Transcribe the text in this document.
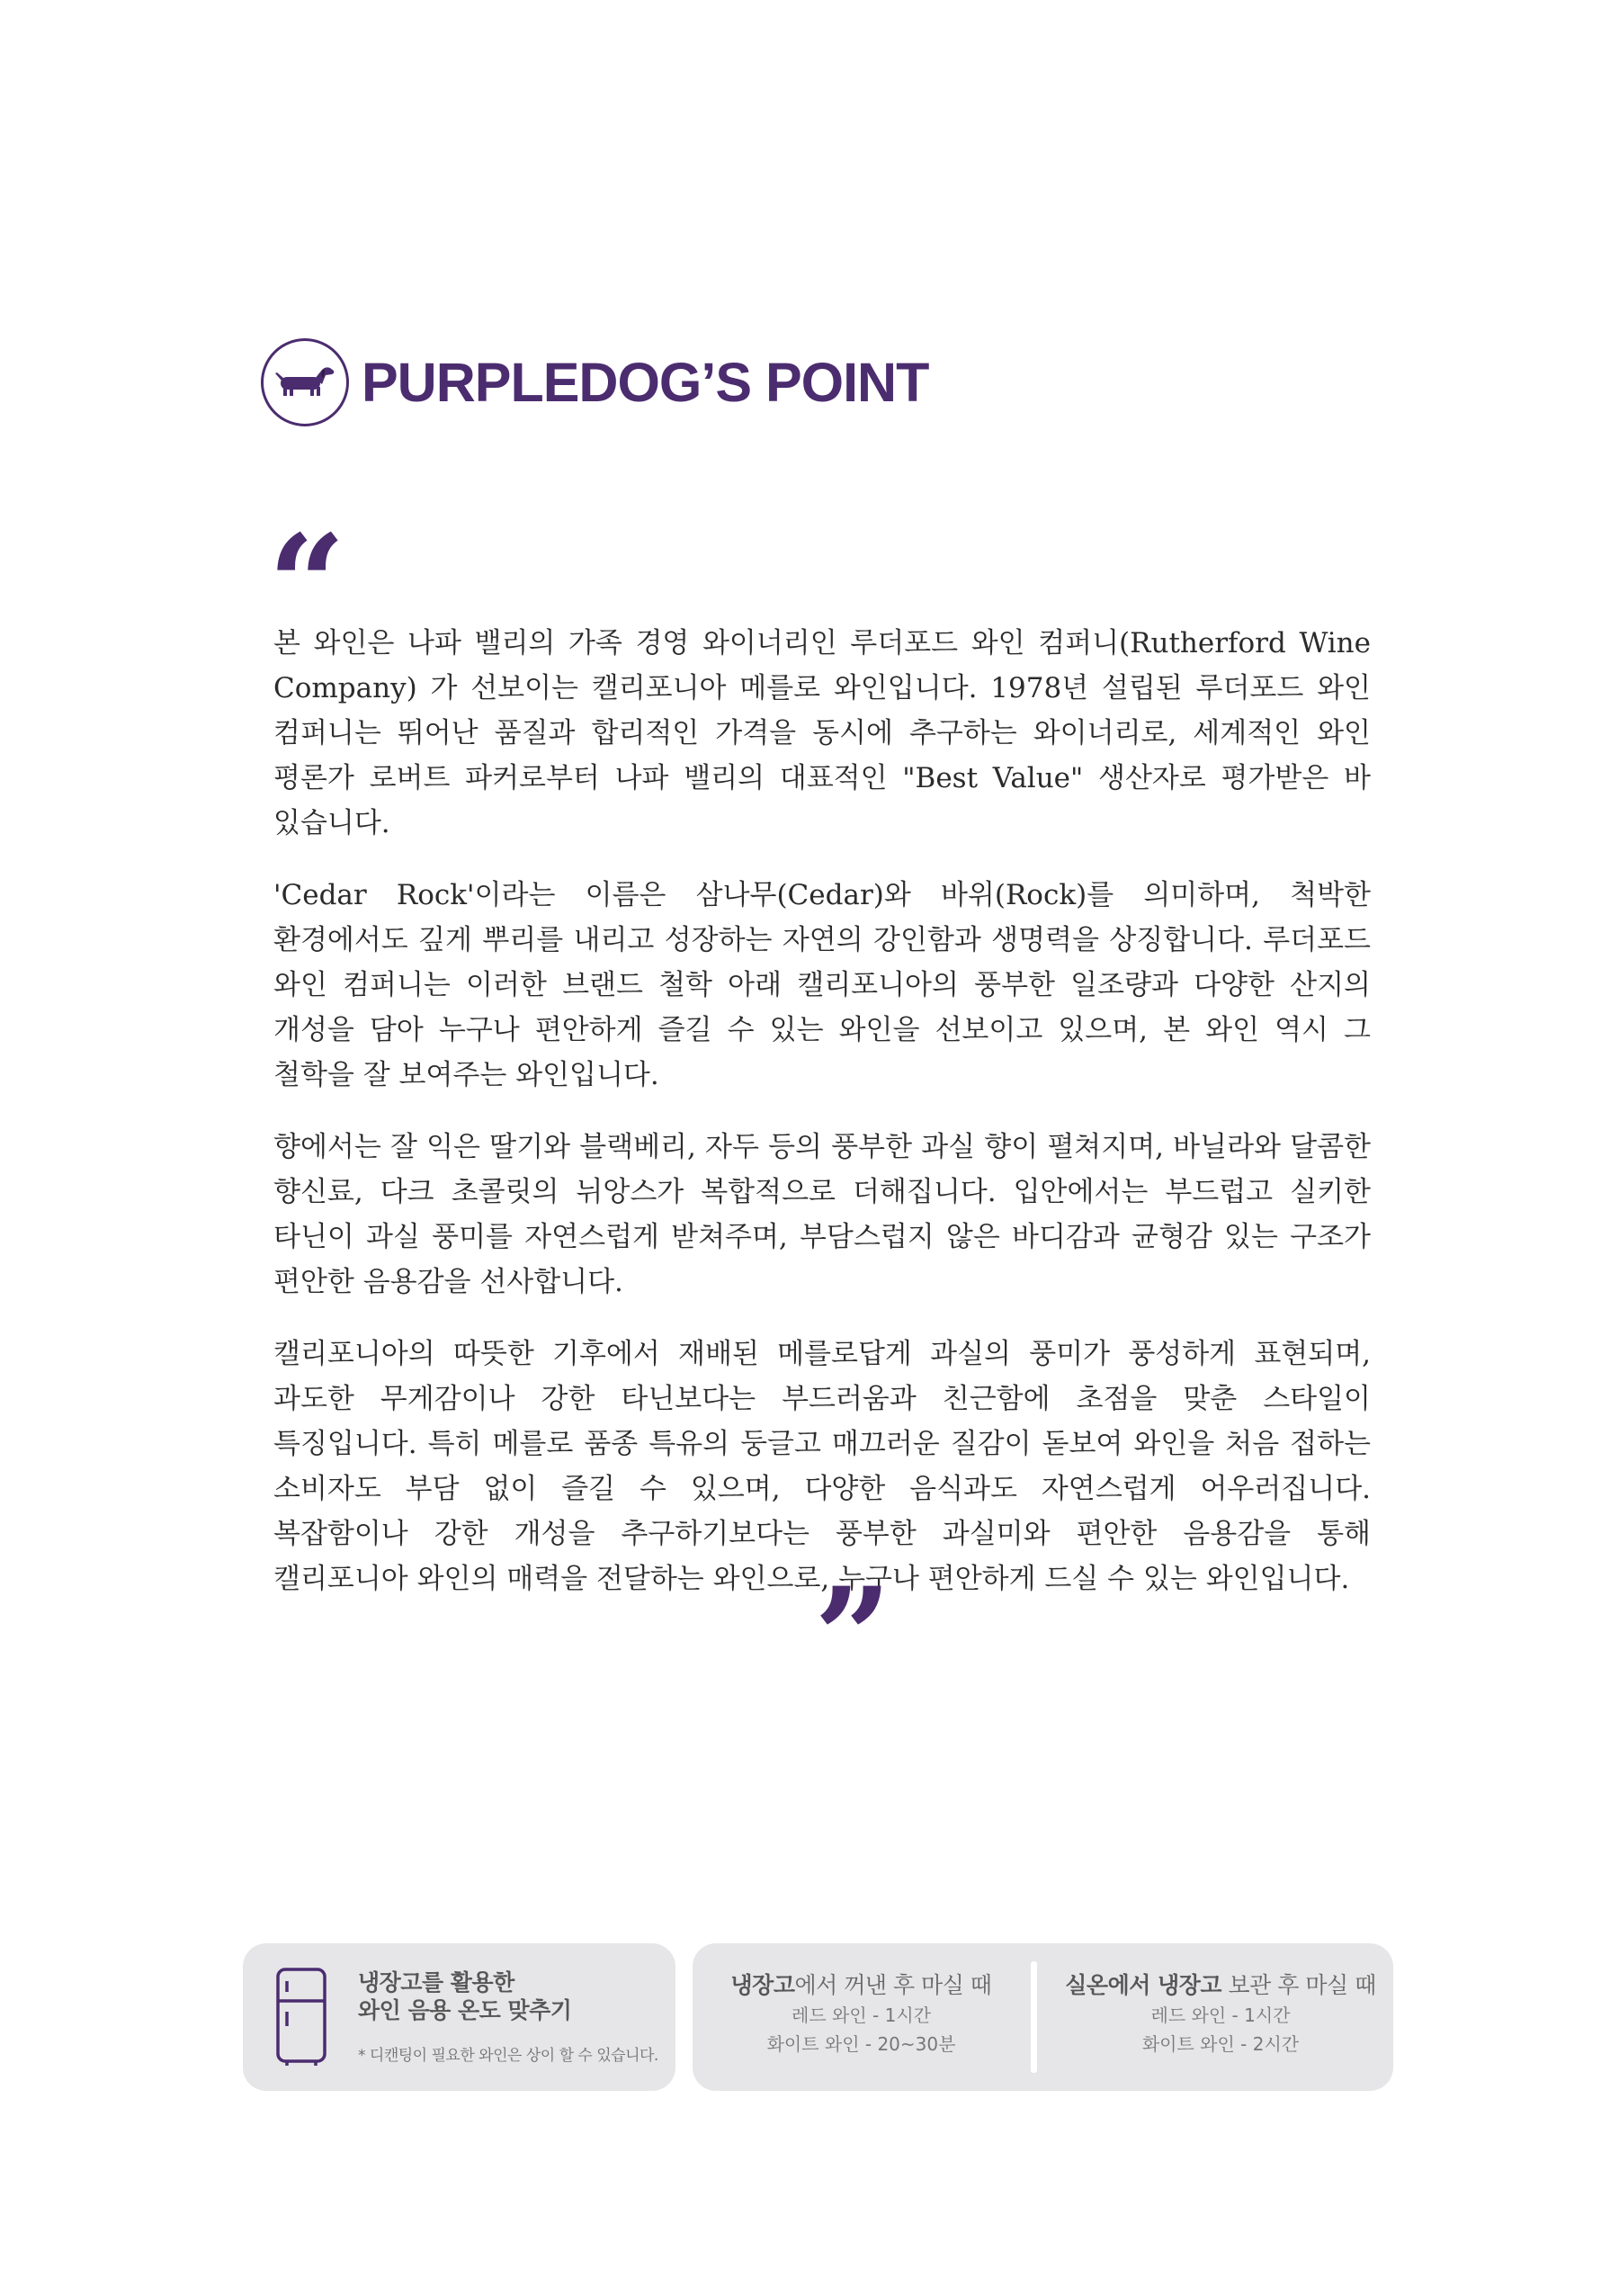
PURPLEDOG’S POINT
“

본 와인은 나파 밸리의 가족 경영 와이너리인 루더포드 와인 컴퍼니(Rutherford Wine Company) 가 선보이는 캘리포니아 메를로 와인입니다. 1978년 설립된 루더포드 와인 컴퍼니는 뛰어난 품질과 합리적인 가격을 동시에 추구하는 와이너리로, 세계적인 와인 평론가 로버트 파커로부터 나파 밸리의 대표적인 "Best Value" 생산자로 평가받은 바 있습니다.

'Cedar Rock'이라는 이름은 삼나무(Cedar)와 바위(Rock)를 의미하며, 척박한 환경에서도 깊게 뿌리를 내리고 성장하는 자연의 강인함과 생명력을 상징합니다. 루더포드 와인 컴퍼니는 이러한 브랜드 철학 아래 캘리포니아의 풍부한 일조량과 다양한 산지의 개성을 담아 누구나 편안하게 즐길 수 있는 와인을 선보이고 있으며, 본 와인 역시 그 철학을 잘 보여주는 와인입니다.

향에서는 잘 익은 딸기와 블랙베리, 자두 등의 풍부한 과실 향이 펼쳐지며, 바닐라와 달콤한 향신료, 다크 초콜릿의 뉘앙스가 복합적으로 더해집니다. 입안에서는 부드럽고 실키한 타닌이 과실 풍미를 자연스럽게 받쳐주며, 부담스럽지 않은 바디감과 균형감 있는 구조가 편안한 음용감을 선사합니다.

캘리포니아의 따뜻한 기후에서 재배된 메를로답게 과실의 풍미가 풍성하게 표현되며, 과도한 무게감이나 강한 타닌보다는 부드러움과 친근함에 초점을 맞춘 스타일이 특징입니다. 특히 메를로 품종 특유의 둥글고 매끄러운 질감이 돋보여 와인을 처음 접하는 소비자도 부담 없이 즐길 수 있으며, 다양한 음식과도 자연스럽게 어우러집니다. 복잡함이나 강한 개성을 추구하기보다는 풍부한 과실미와 편안한 음용감을 통해 캘리포니아 와인의 매력을 전달하는 와인으로, 누구나 편안하게 드실 수 있는 와인입니다.

”
냉장고를 활용한
와인 음용 온도 맞추기
* 디캔팅이 필요한 와인은 상이 할 수 있습니다.
냉장고에서 꺼낸 후 마실 때
레드 와인 - 1시간
화이트 와인 - 20~30분
실온에서 냉장고 보관 후 마실 때
레드 와인 - 1시간
화이트 와인 - 2시간
